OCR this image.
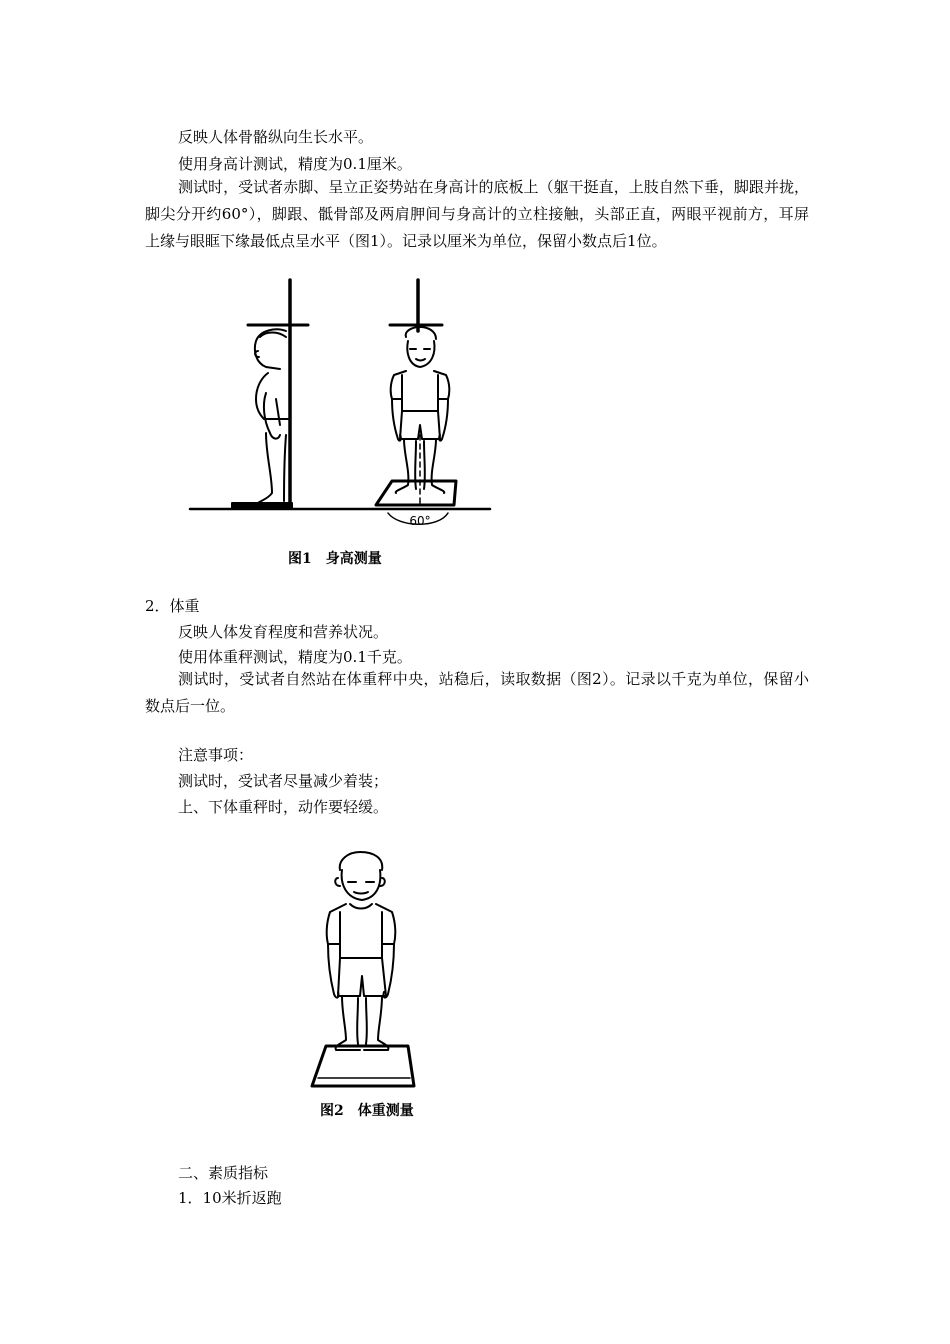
反映人体骨骼纵向生长水平。
使用身高计测试，精度为0.1厘米。
测试时，受试者赤脚、呈立正姿势站在身高计的底板上（躯干挺直，上肢自然下垂，脚跟并拢，脚尖分开约60°），脚跟、骶骨部及两肩胛间与身高计的立柱接触，头部正直，两眼平视前方，耳屏上缘与眼眶下缘最低点呈水平（图1）。记录以厘米为单位，保留小数点后1位。
60°
图1　身高测量
2．体重
反映人体发育程度和营养状况。
使用体重秤测试，精度为0.1千克。
测试时，受试者自然站在体重秤中央，站稳后，读取数据（图2）。记录以千克为单位，保留小数点后一位。
注意事项：
测试时，受试者尽量减少着装；
上、下体重秤时，动作要轻缓。
图2　体重测量
二、素质指标
1．10米折返跑
